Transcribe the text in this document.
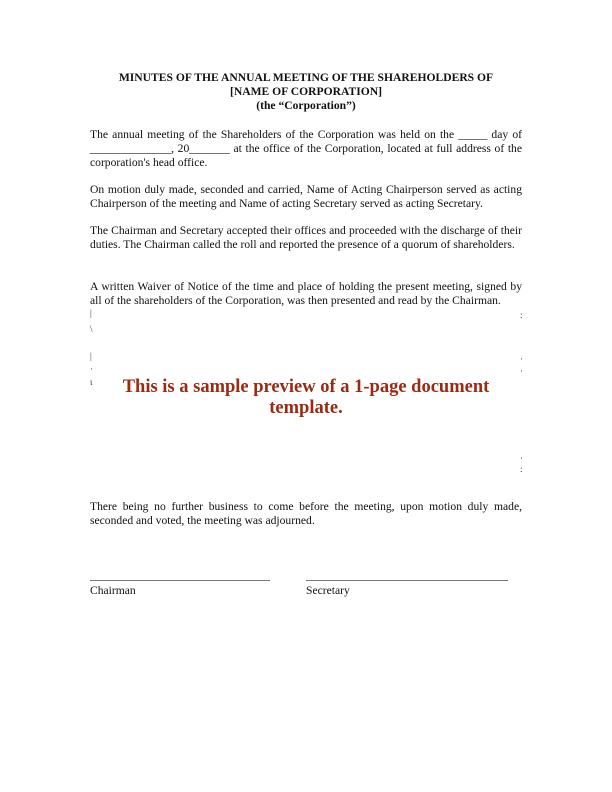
MINUTES OF THE ANNUAL MEETING OF THE SHAREHOLDERS OF
[NAME OF CORPORATION]
(the “Corporation”)

The annual meeting of the Shareholders of the Corporation was held on the _____ day of
______________, 20_______ at the office of the Corporation, located at full address of the
corporation's head office.

On motion duly made, seconded and carried, Name of Acting Chairperson served as acting Chairperson of the meeting and Name of acting Secretary served as acting Secretary.

The Chairman and Secretary accepted their offices and proceeded with the discharge of their duties. The Chairman called the roll and reported the presence of a quorum of shareholders.

A written Waiver of Notice of the time and place of holding the present meeting, signed by all of the shareholders of the Corporation, was then presented and read by the Chairman.

|
\
|
·
ι
:
·
·
·
:
This is a sample preview of a 1-page document
template.

There being no further business to come before the meeting, upon motion duly made, seconded and voted, the meeting was adjourned.

Chairman	Secretary
